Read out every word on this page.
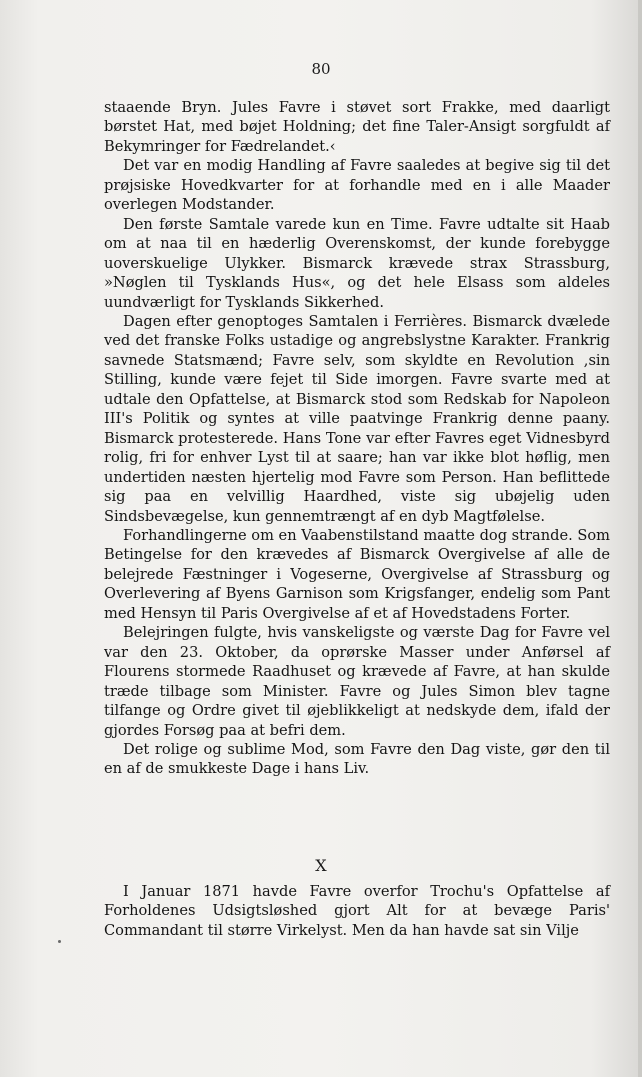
80

staaende Bryn. Jules Favre i støvet sort Frakke, med daarligt børstet Hat, med bøjet Holdning; det fine Taler-Ansigt sorgfuldt af Bekymringer for Fædrelandet.‹

Det var en modig Handling af Favre saaledes at begive sig til det prøjsiske Hovedkvarter for at forhandle med en i alle Maader overlegen Modstander.

Den første Samtale varede kun en Time. Favre udtalte sit Haab om at naa til en hæderlig Overenskomst, der kunde forebygge uoverskuelige Ulykker. Bismarck krævede strax Strassburg, »Nøglen til Tysklands Hus«, og det hele Elsass som aldeles uundværligt for Tysklands Sikkerhed.

Dagen efter genoptoges Samtalen i Ferrières. Bismarck dvælede ved det franske Folks ustadige og angrebslystne Karakter. Frankrig savnede Statsmænd; Favre selv, som skyldte en Revolution ,sin Stilling, kunde være fejet til Side imorgen. Favre svarte med at udtale den Opfattelse, at Bismarck stod som Redskab for Napoleon III's Politik og syntes at ville paatvinge Frankrig denne paany. Bismarck protesterede. Hans Tone var efter Favres eget Vidnesbyrd rolig, fri for enhver Lyst til at saare; han var ikke blot høflig, men undertiden næsten hjertelig mod Favre som Person. Han beflittede sig paa en velvillig Haardhed, viste sig ubøjelig uden Sindsbevægelse, kun gennemtrængt af en dyb Magtfølelse.

Forhandlingerne om en Vaabenstilstand maatte dog strande. Som Betingelse for den krævedes af Bismarck Overgivelse af alle de belejrede Fæstninger i Vogeserne, Overgivelse af Strassburg og Overlevering af Byens Garnison som Krigsfanger, endelig som Pant med Hensyn til Paris Overgivelse af et af Hovedstadens Forter.

Belejringen fulgte, hvis vanskeligste og værste Dag for Favre vel var den 23. Oktober, da oprørske Masser under Anførsel af Flourens stormede Raadhuset og krævede af Favre, at han skulde træde tilbage som Minister. Favre og Jules Simon blev tagne tilfange og Ordre givet til øjeblikkeligt at nedskyde dem, ifald der gjordes Forsøg paa at befri dem.

Det rolige og sublime Mod, som Favre den Dag viste, gør den til en af de smukkeste Dage i hans Liv.

X

I Januar 1871 havde Favre overfor Trochu's Opfattelse af Forholdenes Udsigtsløshed gjort Alt for at bevæge Paris' Commandant til større Virkelyst. Men da han havde sat sin Vilje
